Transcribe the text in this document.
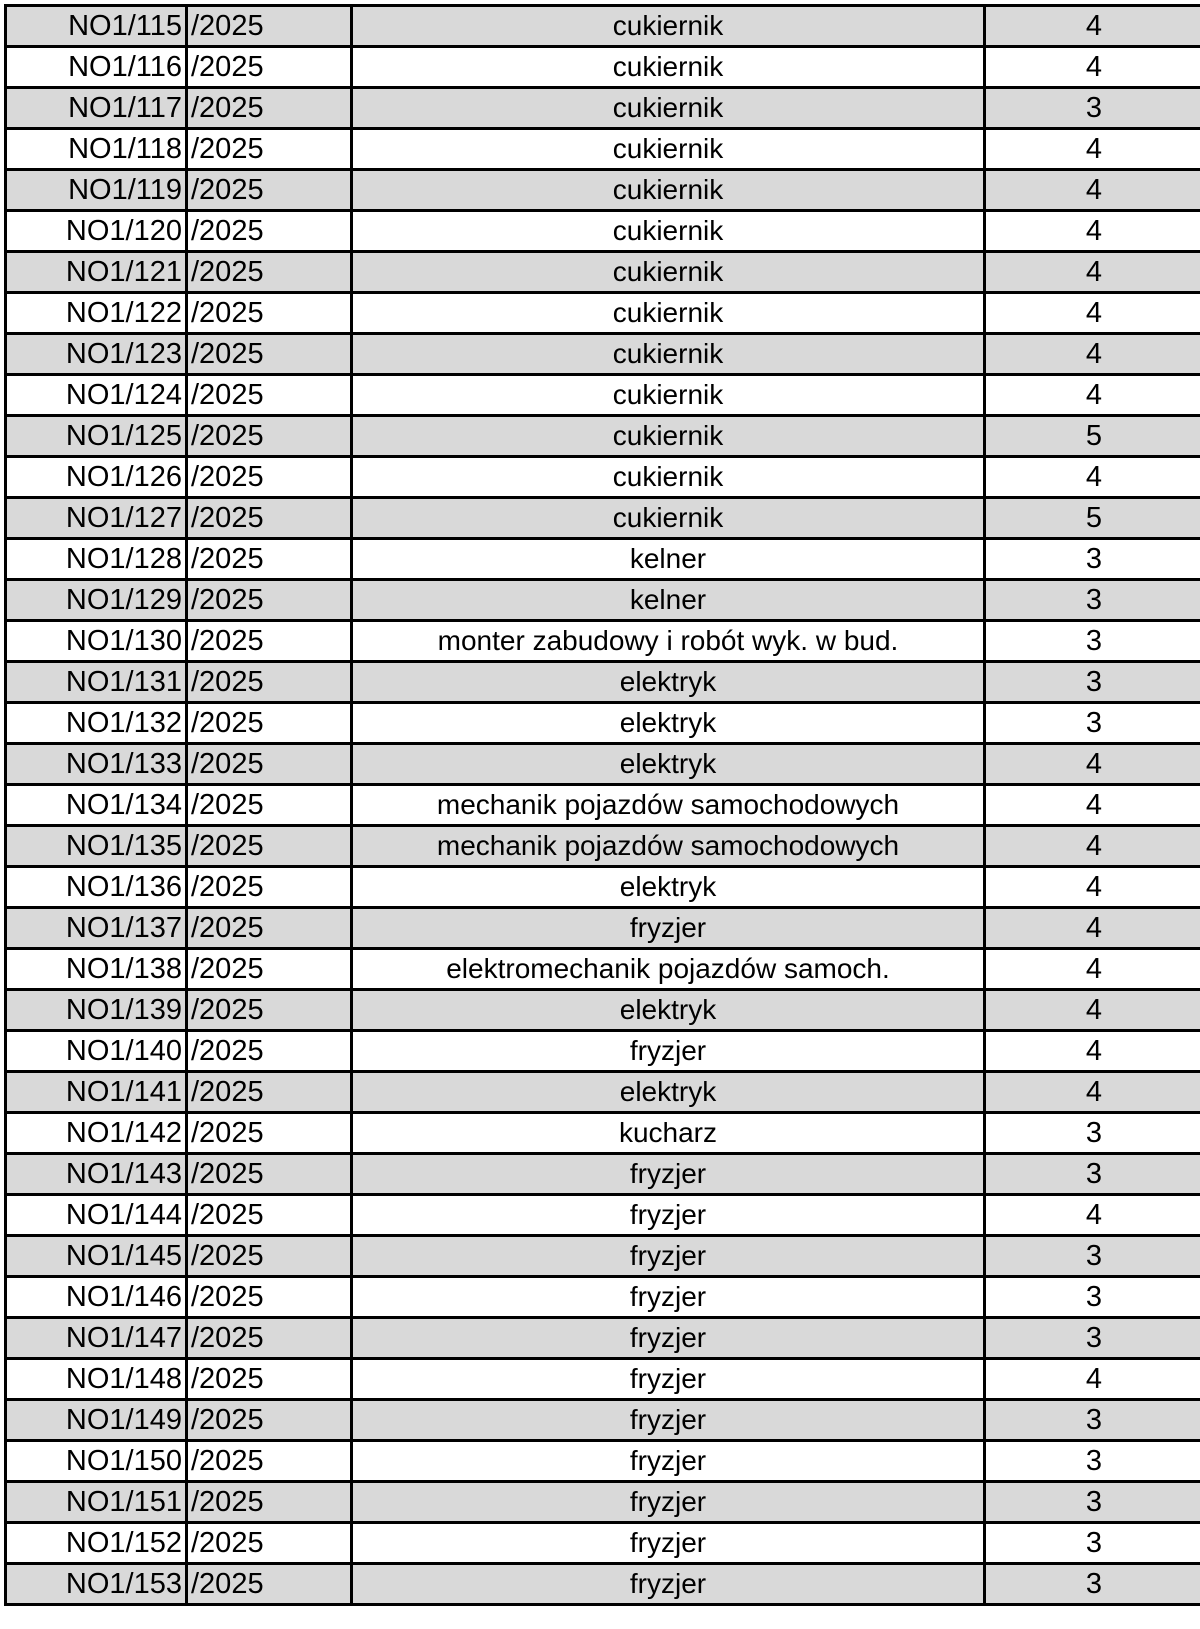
NO1/115	/2025	cukiernik	4
NO1/116	/2025	cukiernik	4
NO1/117	/2025	cukiernik	3
NO1/118	/2025	cukiernik	4
NO1/119	/2025	cukiernik	4
NO1/120	/2025	cukiernik	4
NO1/121	/2025	cukiernik	4
NO1/122	/2025	cukiernik	4
NO1/123	/2025	cukiernik	4
NO1/124	/2025	cukiernik	4
NO1/125	/2025	cukiernik	5
NO1/126	/2025	cukiernik	4
NO1/127	/2025	cukiernik	5
NO1/128	/2025	kelner	3
NO1/129	/2025	kelner	3
NO1/130	/2025	monter zabudowy i robót wyk. w bud.	3
NO1/131	/2025	elektryk	3
NO1/132	/2025	elektryk	3
NO1/133	/2025	elektryk	4
NO1/134	/2025	mechanik pojazdów samochodowych	4
NO1/135	/2025	mechanik pojazdów samochodowych	4
NO1/136	/2025	elektryk	4
NO1/137	/2025	fryzjer	4
NO1/138	/2025	elektromechanik pojazdów samoch.	4
NO1/139	/2025	elektryk	4
NO1/140	/2025	fryzjer	4
NO1/141	/2025	elektryk	4
NO1/142	/2025	kucharz	3
NO1/143	/2025	fryzjer	3
NO1/144	/2025	fryzjer	4
NO1/145	/2025	fryzjer	3
NO1/146	/2025	fryzjer	3
NO1/147	/2025	fryzjer	3
NO1/148	/2025	fryzjer	4
NO1/149	/2025	fryzjer	3
NO1/150	/2025	fryzjer	3
NO1/151	/2025	fryzjer	3
NO1/152	/2025	fryzjer	3
NO1/153	/2025	fryzjer	3
